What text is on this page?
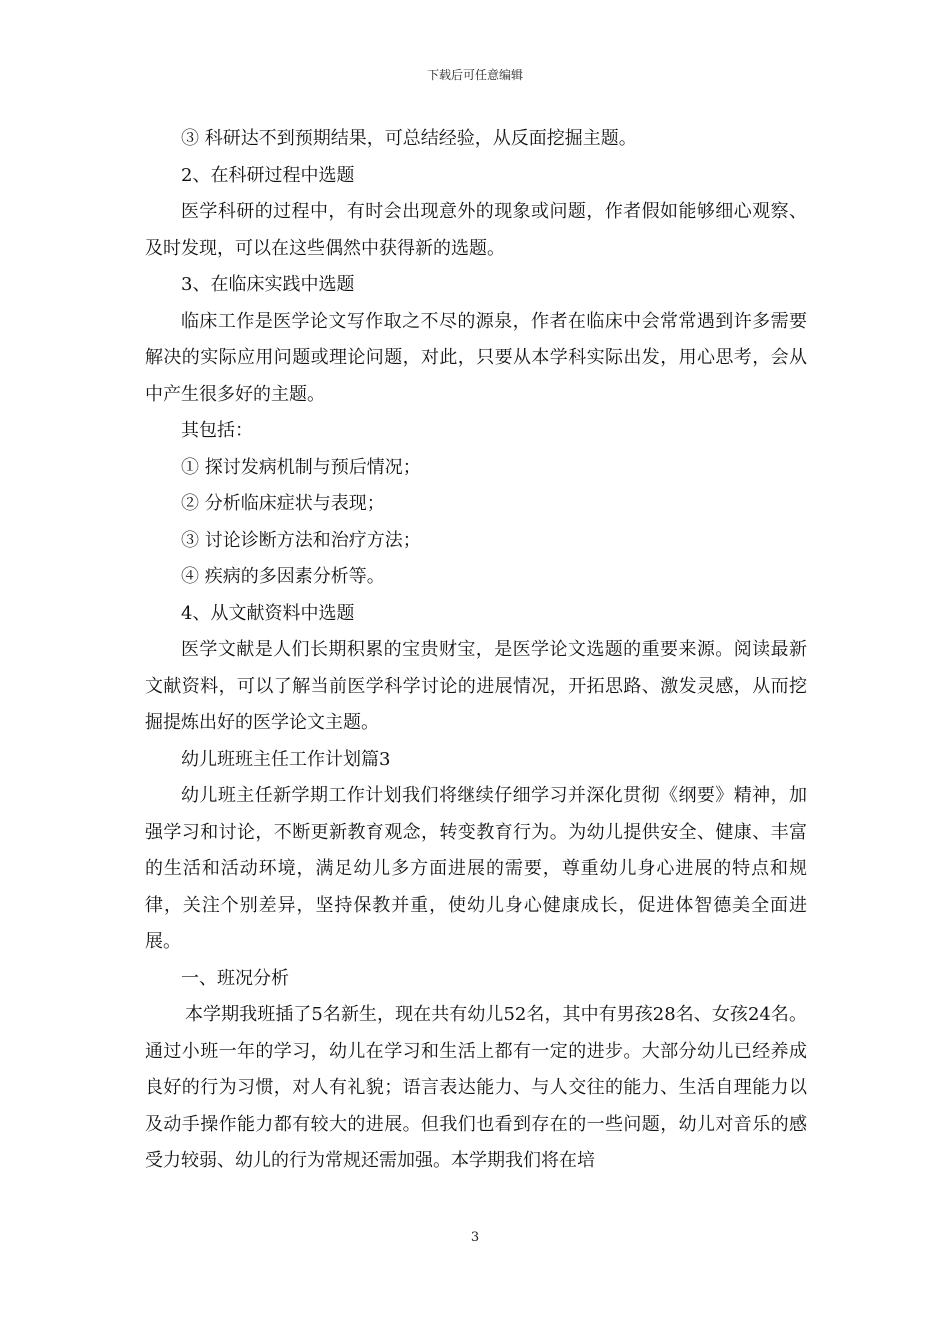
下载后可任意编辑

③ 科研达不到预期结果，可总结经验，从反面挖掘主题。

2、在科研过程中选题

医学科研的过程中，有时会出现意外的现象或问题，作者假如能够细心观察、及时发现，可以在这些偶然中获得新的选题。

3、在临床实践中选题

临床工作是医学论文写作取之不尽的源泉，作者在临床中会常常遇到许多需要解决的实际应用问题或理论问题，对此，只要从本学科实际出发，用心思考，会从中产生很多好的主题。

其包括：

① 探讨发病机制与预后情况；

② 分析临床症状与表现；

③ 讨论诊断方法和治疗方法；

④ 疾病的多因素分析等。

4、从文献资料中选题

医学文献是人们长期积累的宝贵财宝，是医学论文选题的重要来源。阅读最新文献资料，可以了解当前医学科学讨论的进展情况，开拓思路、激发灵感，从而挖掘提炼出好的医学论文主题。

幼儿班班主任工作计划篇3

幼儿班主任新学期工作计划我们将继续仔细学习并深化贯彻《纲要》精神，加强学习和讨论，不断更新教育观念，转变教育行为。为幼儿提供安全、健康、丰富的生活和活动环境，满足幼儿多方面进展的需要，尊重幼儿身心进展的特点和规律，关注个别差异，坚持保教并重，使幼儿身心健康成长，促进体智德美全面进展。

一、班况分析

本学期我班插了5名新生，现在共有幼儿52名，其中有男孩28名、女孩24名。通过小班一年的学习，幼儿在学习和生活上都有一定的进步。大部分幼儿已经养成良好的行为习惯，对人有礼貌；语言表达能力、与人交往的能力、生活自理能力以及动手操作能力都有较大的进展。但我们也看到存在的一些问题，幼儿对音乐的感受力较弱、幼儿的行为常规还需加强。本学期我们将在培

3
